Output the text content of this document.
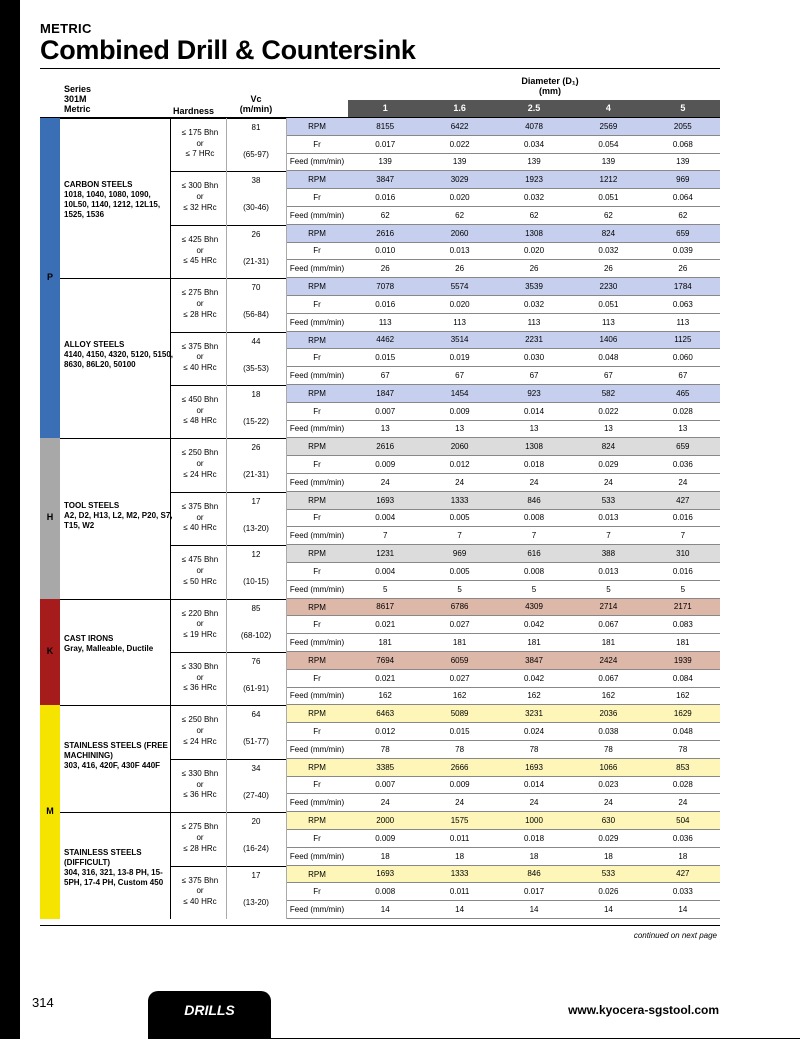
METRIC
Combined Drill & Countersink
Series
301M
Metric	Hardness
Vc
(m/min)
Diameter (D₁)
(mm)
1	1.6	2.5	4	5
≤ 175 Bhn
or
≤ 7 HRc
81
(65-97)
RPM	8155	6422	4078	2569	2055
Fr	0.017	0.022	0.034	0.054	0.068
Feed (mm/min)	139	139	139	139	139
≤ 300 Bhn
or
≤ 32 HRc
38
(30-46)
RPM	3847	3029	1923	1212	969
Fr	0.016	0.020	0.032	0.051	0.064
Feed (mm/min)	62	62	62	62	62
≤ 425 Bhn
or
≤ 45 HRc
26
(21-31)
RPM	2616	2060	1308	824	659
Fr	0.010	0.013	0.020	0.032	0.039
Feed (mm/min)	26	26	26	26	26
CARBON STEELS
1018, 1040, 1080, 1090, 10L50, 1140, 1212, 12L15, 1525, 1536
≤ 275 Bhn
or
≤ 28 HRc
70
(56-84)
RPM	7078	5574	3539	2230	1784
Fr	0.016	0.020	0.032	0.051	0.063
Feed (mm/min)	113	113	113	113	113
≤ 375 Bhn
or
≤ 40 HRc
44
(35-53)
RPM	4462	3514	2231	1406	1125
Fr	0.015	0.019	0.030	0.048	0.060
Feed (mm/min)	67	67	67	67	67
≤ 450 Bhn
or
≤ 48 HRc
18
(15-22)
RPM	1847	1454	923	582	465
Fr	0.007	0.009	0.014	0.022	0.028
Feed (mm/min)	13	13	13	13	13
ALLOY STEELS
4140, 4150, 4320, 5120, 5150, 8630, 86L20, 50100
≤ 250 Bhn
or
≤ 24 HRc
26
(21-31)
RPM	2616	2060	1308	824	659
Fr	0.009	0.012	0.018	0.029	0.036
Feed (mm/min)	24	24	24	24	24
≤ 375 Bhn
or
≤ 40 HRc
17
(13-20)
RPM	1693	1333	846	533	427
Fr	0.004	0.005	0.008	0.013	0.016
Feed (mm/min)	7	7	7	7	7
≤ 475 Bhn
or
≤ 50 HRc
12
(10-15)
RPM	1231	969	616	388	310
Fr	0.004	0.005	0.008	0.013	0.016
Feed (mm/min)	5	5	5	5	5
TOOL STEELS
A2, D2, H13, L2, M2, P20, S7, T15, W2
≤ 220 Bhn
or
≤ 19 HRc
85
(68-102)
RPM	8617	6786	4309	2714	2171
Fr	0.021	0.027	0.042	0.067	0.083
Feed (mm/min)	181	181	181	181	181
≤ 330 Bhn
or
≤ 36 HRc
76
(61-91)
RPM	7694	6059	3847	2424	1939
Fr	0.021	0.027	0.042	0.067	0.084
Feed (mm/min)	162	162	162	162	162
CAST IRONS
Gray, Malleable, Ductile
≤ 250 Bhn
or
≤ 24 HRc
64
(51-77)
RPM	6463	5089	3231	2036	1629
Fr	0.012	0.015	0.024	0.038	0.048
Feed (mm/min)	78	78	78	78	78
≤ 330 Bhn
or
≤ 36 HRc
34
(27-40)
RPM	3385	2666	1693	1066	853
Fr	0.007	0.009	0.014	0.023	0.028
Feed (mm/min)	24	24	24	24	24
STAINLESS STEELS (FREE MACHINING)
303, 416, 420F, 430F 440F
≤ 275 Bhn
or
≤ 28 HRc
20
(16-24)
RPM	2000	1575	1000	630	504
Fr	0.009	0.011	0.018	0.029	0.036
Feed (mm/min)	18	18	18	18	18
≤ 375 Bhn
or
≤ 40 HRc
17
(13-20)
RPM	1693	1333	846	533	427
Fr	0.008	0.011	0.017	0.026	0.033
Feed (mm/min)	14	14	14	14	14
STAINLESS STEELS (DIFFICULT)
304, 316, 321, 13-8 PH, 15-5PH, 17-4 PH, Custom 450
P
H
K
M
continued on next page
314	DRILLS	www.kyocera-sgstool.com
